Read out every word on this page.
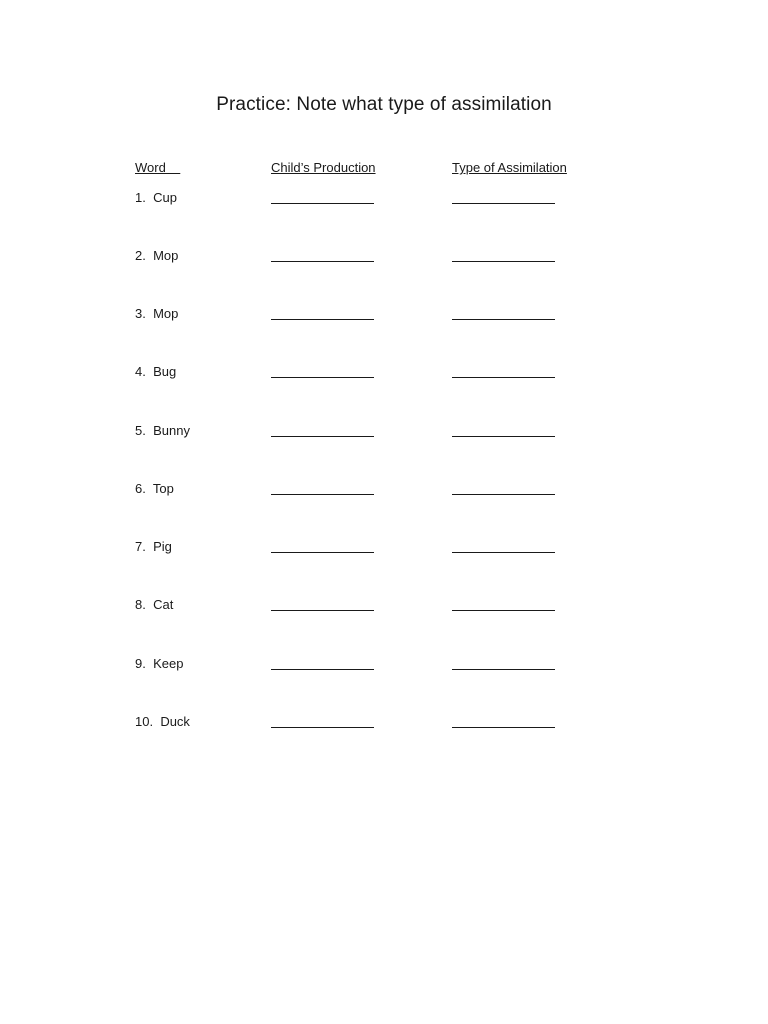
Practice: Note what type of assimilation
Word	Child’s Production	Type of Assimilation
1. Cup
2. Mop
3. Mop
4. Bug
5. Bunny
6. Top
7. Pig
8. Cat
9. Keep
10. Duck
